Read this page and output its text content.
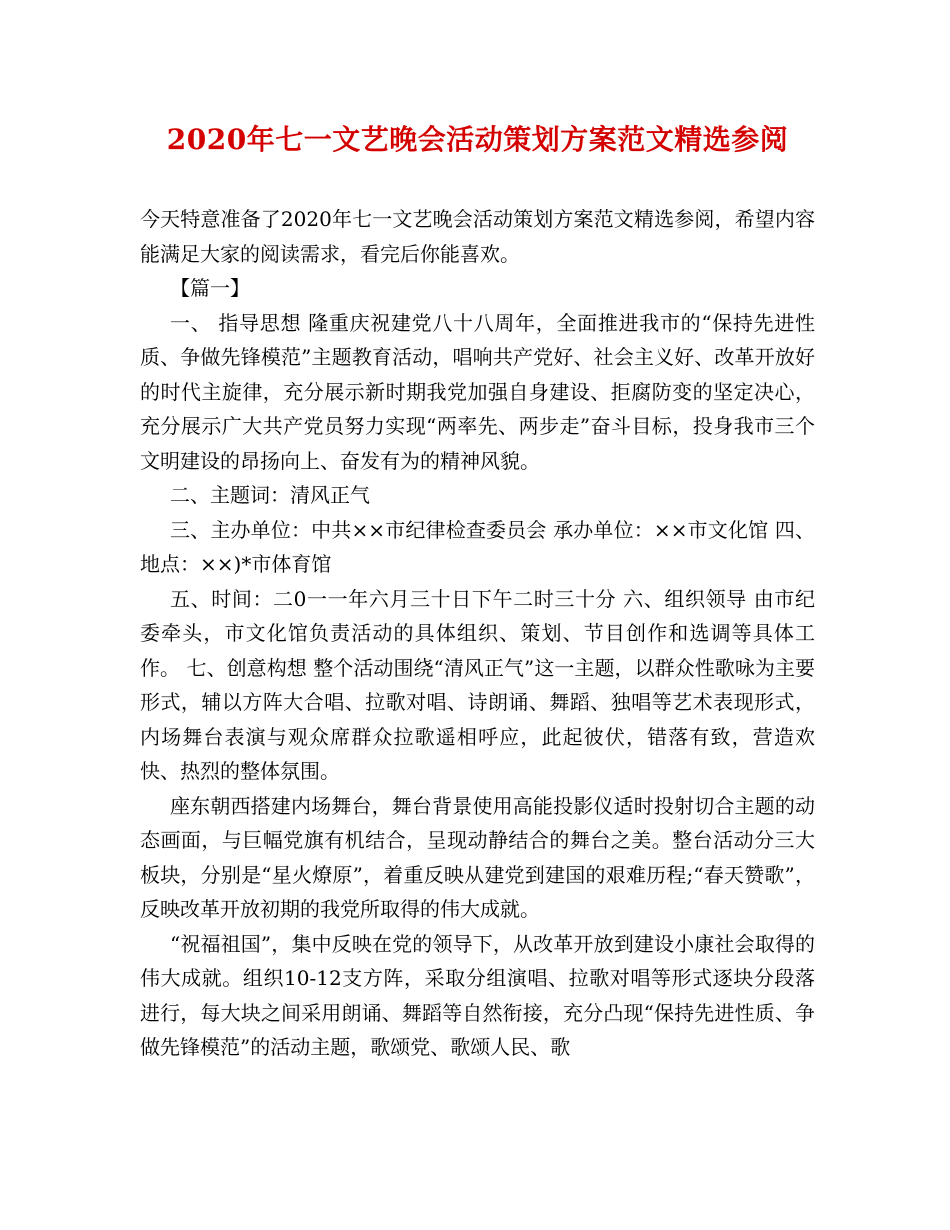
2020年七一文艺晚会活动策划方案范文精选参阅

今天特意准备了2020年七一文艺晚会活动策划方案范文精选参阅，希望内容能满足大家的阅读需求，看完后你能喜欢。

【篇一】

一、 指导思想 隆重庆祝建党八十八周年，全面推进我市的“保持先进性质、争做先锋模范”主题教育活动，唱响共产党好、社会主义好、改革开放好的时代主旋律，充分展示新时期我党加强自身建设、拒腐防变的坚定决心，充分展示广大共产党员努力实现“两率先、两步走”奋斗目标，投身我市三个文明建设的昂扬向上、奋发有为的精神风貌。

二、主题词：清风正气

三、主办单位：中共××市纪律检查委员会 承办单位：××市文化馆 四、地点：××)*市体育馆

五、时间：二0一一年六月三十日下午二时三十分 六、组织领导 由市纪委牵头，市文化馆负责活动的具体组织、策划、节目创作和选调等具体工作。 七、创意构想 整个活动围绕“清风正气”这一主题，以群众性歌咏为主要形式，辅以方阵大合唱、拉歌对唱、诗朗诵、舞蹈、独唱等艺术表现形式，内场舞台表演与观众席群众拉歌遥相呼应，此起彼伏，错落有致，营造欢快、热烈的整体氛围。

座东朝西搭建内场舞台，舞台背景使用高能投影仪适时投射切合主题的动态画面，与巨幅党旗有机结合，呈现动静结合的舞台之美。整台活动分三大板块，分别是“星火燎原”，着重反映从建党到建国的艰难历程;“春天赞歌”，反映改革开放初期的我党所取得的伟大成就。

“祝福祖国”，集中反映在党的领导下，从改革开放到建设小康社会取得的伟大成就。组织10-12支方阵，采取分组演唱、拉歌对唱等形式逐块分段落进行，每大块之间采用朗诵、舞蹈等自然衔接，充分凸现“保持先进性质、争做先锋模范”的活动主题，歌颂党、歌颂人民、歌
